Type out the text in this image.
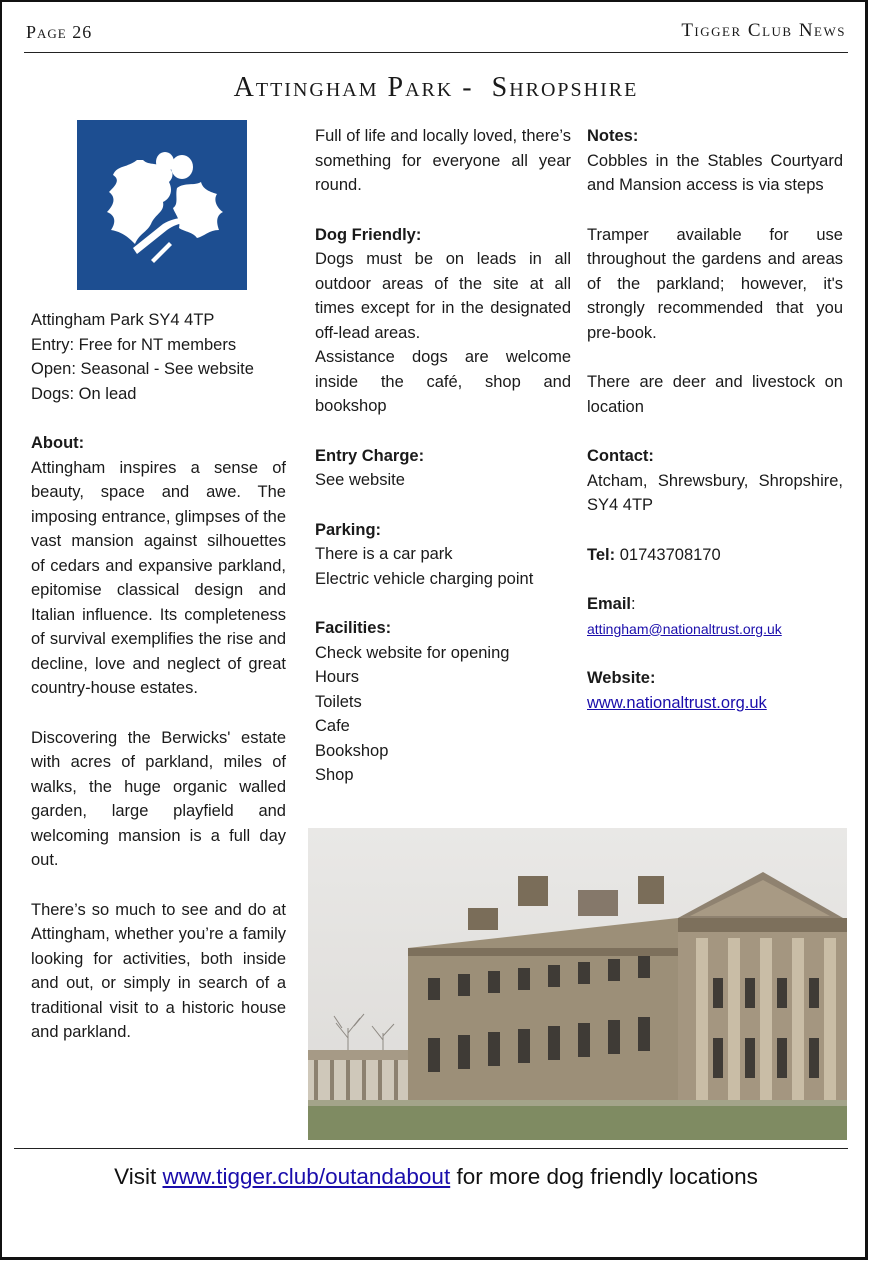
Page 26	Tigger Club News
Attingham Park -  Shropshire
Attingham Park SY4 4TP
Entry: Free for NT members
Open: Seasonal - See website
Dogs: On lead
About:
Attingham inspires a sense of beauty, space and awe. The imposing entrance, glimpses of the vast mansion against silhouettes of cedars and expansive parkland, epitomise classical design and Italian influence. Its completeness of survival exemplifies the rise and decline, love and neglect of great country-house estates.
Discovering the Berwicks' estate with acres of parkland, miles of walks, the huge organic walled garden, large playfield and welcoming mansion is a full day out.
There’s so much to see and do at Attingham, whether you’re a family looking for activities, both inside and out, or simply in search of a traditional visit to a historic house and parkland.
Full of life and locally loved, there’s something for everyone all year round.
Dog Friendly:
Dogs must be on leads in all outdoor areas of the site at all times except for in the designated off-lead areas.
Assistance dogs are welcome inside the café, shop and bookshop
Entry Charge:
See website
Parking:
There is a car park
Electric vehicle charging point
Facilities:
Check website for opening
Hours
Toilets
Cafe
Bookshop
Shop
Notes:
Cobbles in the Stables Courtyard and Mansion access is via steps
Tramper available for use throughout the gardens and areas of the parkland; however, it's strongly recommended that you pre-book.
There are deer and livestock on location
Contact:
Atcham, Shrewsbury, Shropshire, SY4 4TP
Tel: 01743708170
Email:
attingham@nationaltrust.org.uk
Website:
www.nationaltrust.org.uk
Visit www.tigger.club/outandabout for more dog friendly locations
